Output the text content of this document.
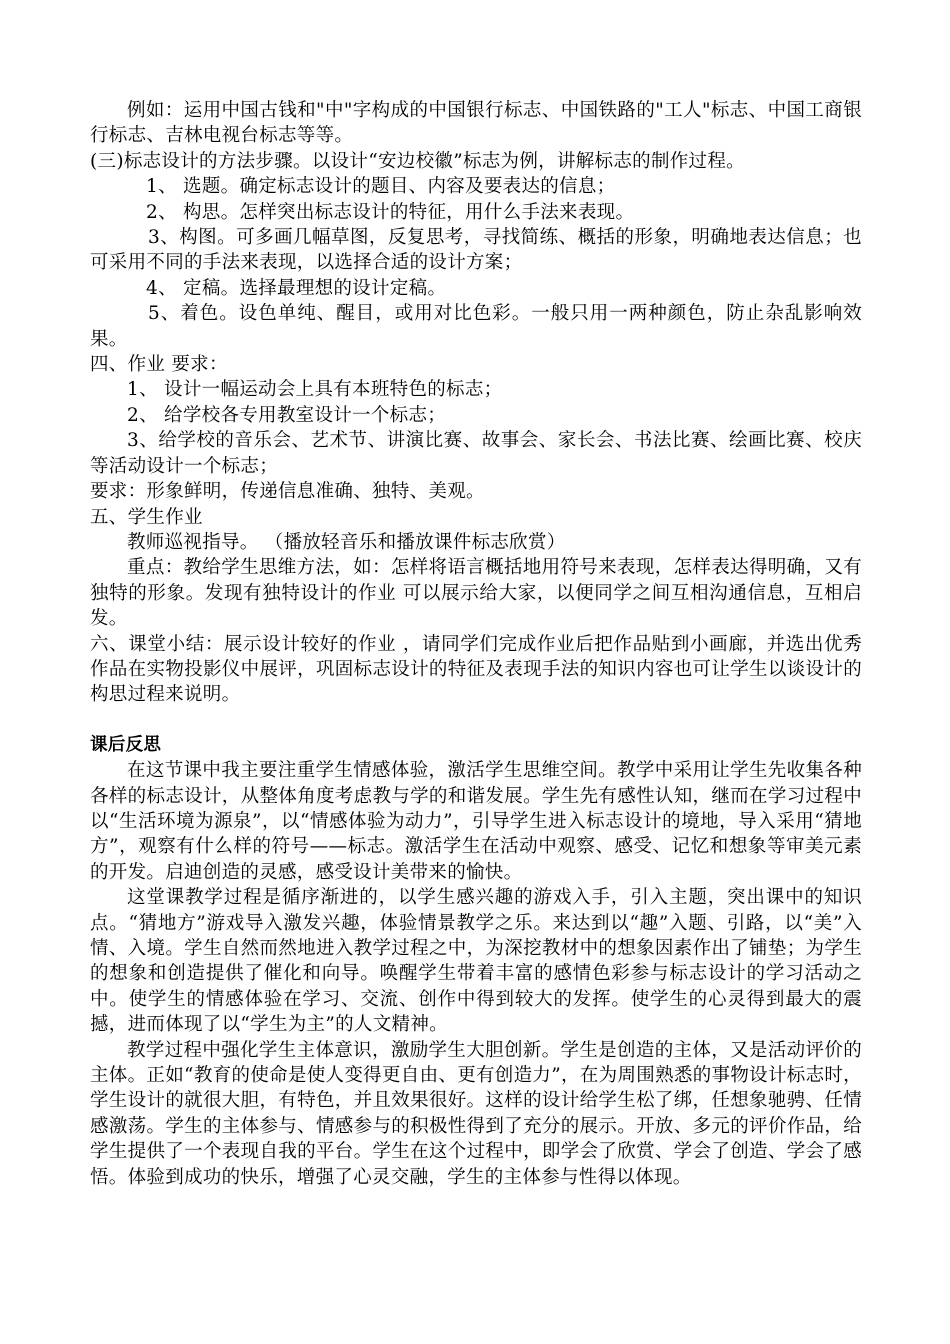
例如：运用中国古钱和"中"字构成的中国银行标志、中国铁路的"工人"标志、中国工商银行标志、吉林电视台标志等等。

(三)标志设计的方法步骤。以设计“安边校徽”标志为例，讲解标志的制作过程。

1、 选题。确定标志设计的题目、内容及要表达的信息；

2、 构思。怎样突出标志设计的特征，用什么手法来表现。

3、构图。可多画几幅草图，反复思考，寻找简练、概括的形象，明确地表达信息；也可采用不同的手法来表现，以选择合适的设计方案；

4、 定稿。选择最理想的设计定稿。

5、着色。设色单纯、醒目，或用对比色彩。一般只用一两种颜色，防止杂乱影响效果。

四、作业 要求：

1、 设计一幅运动会上具有本班特色的标志；

2、 给学校各专用教室设计一个标志；

3、给学校的音乐会、艺术节、讲演比赛、故事会、家长会、书法比赛、绘画比赛、校庆等活动设计一个标志；

要求：形象鲜明，传递信息准确、独特、美观。

五、学生作业

教师巡视指导。 （播放轻音乐和播放课件标志欣赏）

重点：教给学生思维方法，如：怎样将语言概括地用符号来表现，怎样表达得明确，又有独特的形象。发现有独特设计的作业 可以展示给大家，以便同学之间互相沟通信息，互相启发。

六、课堂小结：展示设计较好的作业 ，请同学们完成作业后把作品贴到小画廊，并选出优秀作品在实物投影仪中展评，巩固标志设计的特征及表现手法的知识内容也可让学生以谈设计的构思过程来说明。

课后反思

在这节课中我主要注重学生情感体验，激活学生思维空间。教学中采用让学生先收集各种各样的标志设计，从整体角度考虑教与学的和谐发展。学生先有感性认知，继而在学习过程中以“生活环境为源泉”，以“情感体验为动力”，引导学生进入标志设计的境地，导入采用“猜地方”，观察有什么样的符号——标志。激活学生在活动中观察、感受、记忆和想象等审美元素的开发。启迪创造的灵感，感受设计美带来的愉快。

这堂课教学过程是循序渐进的，以学生感兴趣的游戏入手，引入主题，突出课中的知识点。“猜地方”游戏导入激发兴趣，体验情景教学之乐。来达到以“趣”入题、引路，以“美”入情、入境。学生自然而然地进入教学过程之中，为深挖教材中的想象因素作出了铺垫；为学生的想象和创造提供了催化和向导。唤醒学生带着丰富的感情色彩参与标志设计的学习活动之中。使学生的情感体验在学习、交流、创作中得到较大的发挥。使学生的心灵得到最大的震撼，进而体现了以“学生为主”的人文精神。

教学过程中强化学生主体意识，激励学生大胆创新。学生是创造的主体，又是活动评价的主体。正如“教育的使命是使人变得更自由、更有创造力”，在为周围熟悉的事物设计标志时，学生设计的就很大胆，有特色，并且效果很好。这样的设计给学生松了绑，任想象驰骋、任情感激荡。学生的主体参与、情感参与的积极性得到了充分的展示。开放、多元的评价作品，给学生提供了一个表现自我的平台。学生在这个过程中，即学会了欣赏、学会了创造、学会了感悟。体验到成功的快乐，增强了心灵交融，学生的主体参与性得以体现。
